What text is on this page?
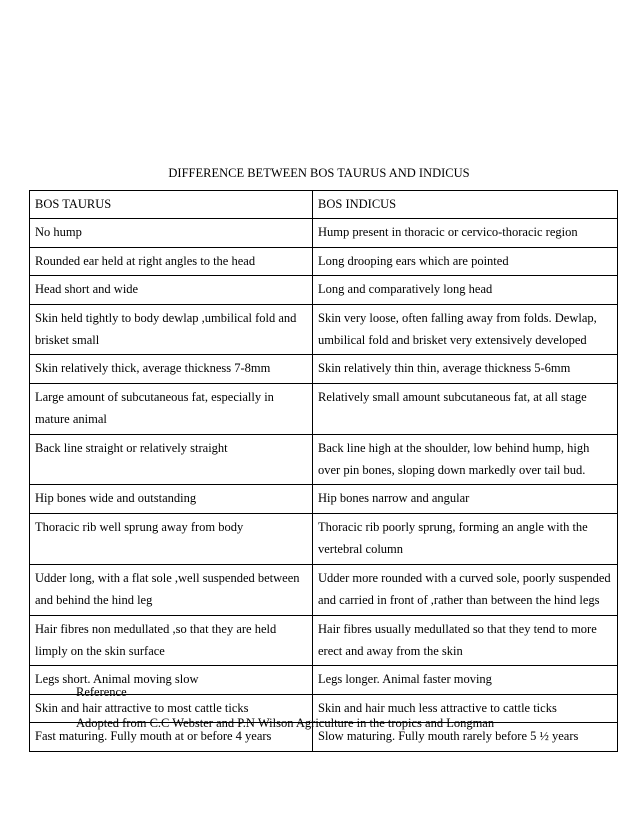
DIFFERENCE BETWEEN BOS TAURUS AND INDICUS
BOS TAURUS	BOS INDICUS
No hump	Hump present in thoracic or cervico-thoracic region
Rounded ear held at right angles to the head	Long drooping ears which are pointed
Head short and wide	Long and comparatively long head
Skin held tightly to body dewlap ,umbilical fold and brisket small	Skin very loose, often falling away from folds. Dewlap, umbilical fold and brisket very extensively developed
Skin relatively thick, average thickness 7-8mm	Skin relatively thin thin, average thickness 5-6mm
Large amount of subcutaneous fat, especially in mature animal	Relatively small amount subcutaneous fat, at all stage
Back line straight or relatively straight	Back line high at the shoulder, low behind hump, high over pin bones, sloping down markedly over tail bud.
Hip bones wide and outstanding	Hip bones narrow and angular
Thoracic rib well sprung away from body	Thoracic rib poorly sprung, forming an angle with the vertebral column
Udder long, with a flat sole ,well suspended between and behind the hind leg	Udder more rounded with a curved sole, poorly suspended and carried in front of ,rather than between the hind legs
Hair fibres non medullated ,so that they are held limply on the skin surface	Hair fibres usually medullated so that they tend to more erect and away from the skin
Legs short. Animal moving slow	Legs longer. Animal faster moving
Skin and hair attractive to most cattle ticks	Skin and hair much less attractive to cattle ticks
Fast maturing. Fully mouth at or before 4 years	Slow maturing. Fully mouth rarely before 5 ½ years
Reference
Adopted from C.C Webster and P.N Wilson Agriculture in the tropics and Longman
